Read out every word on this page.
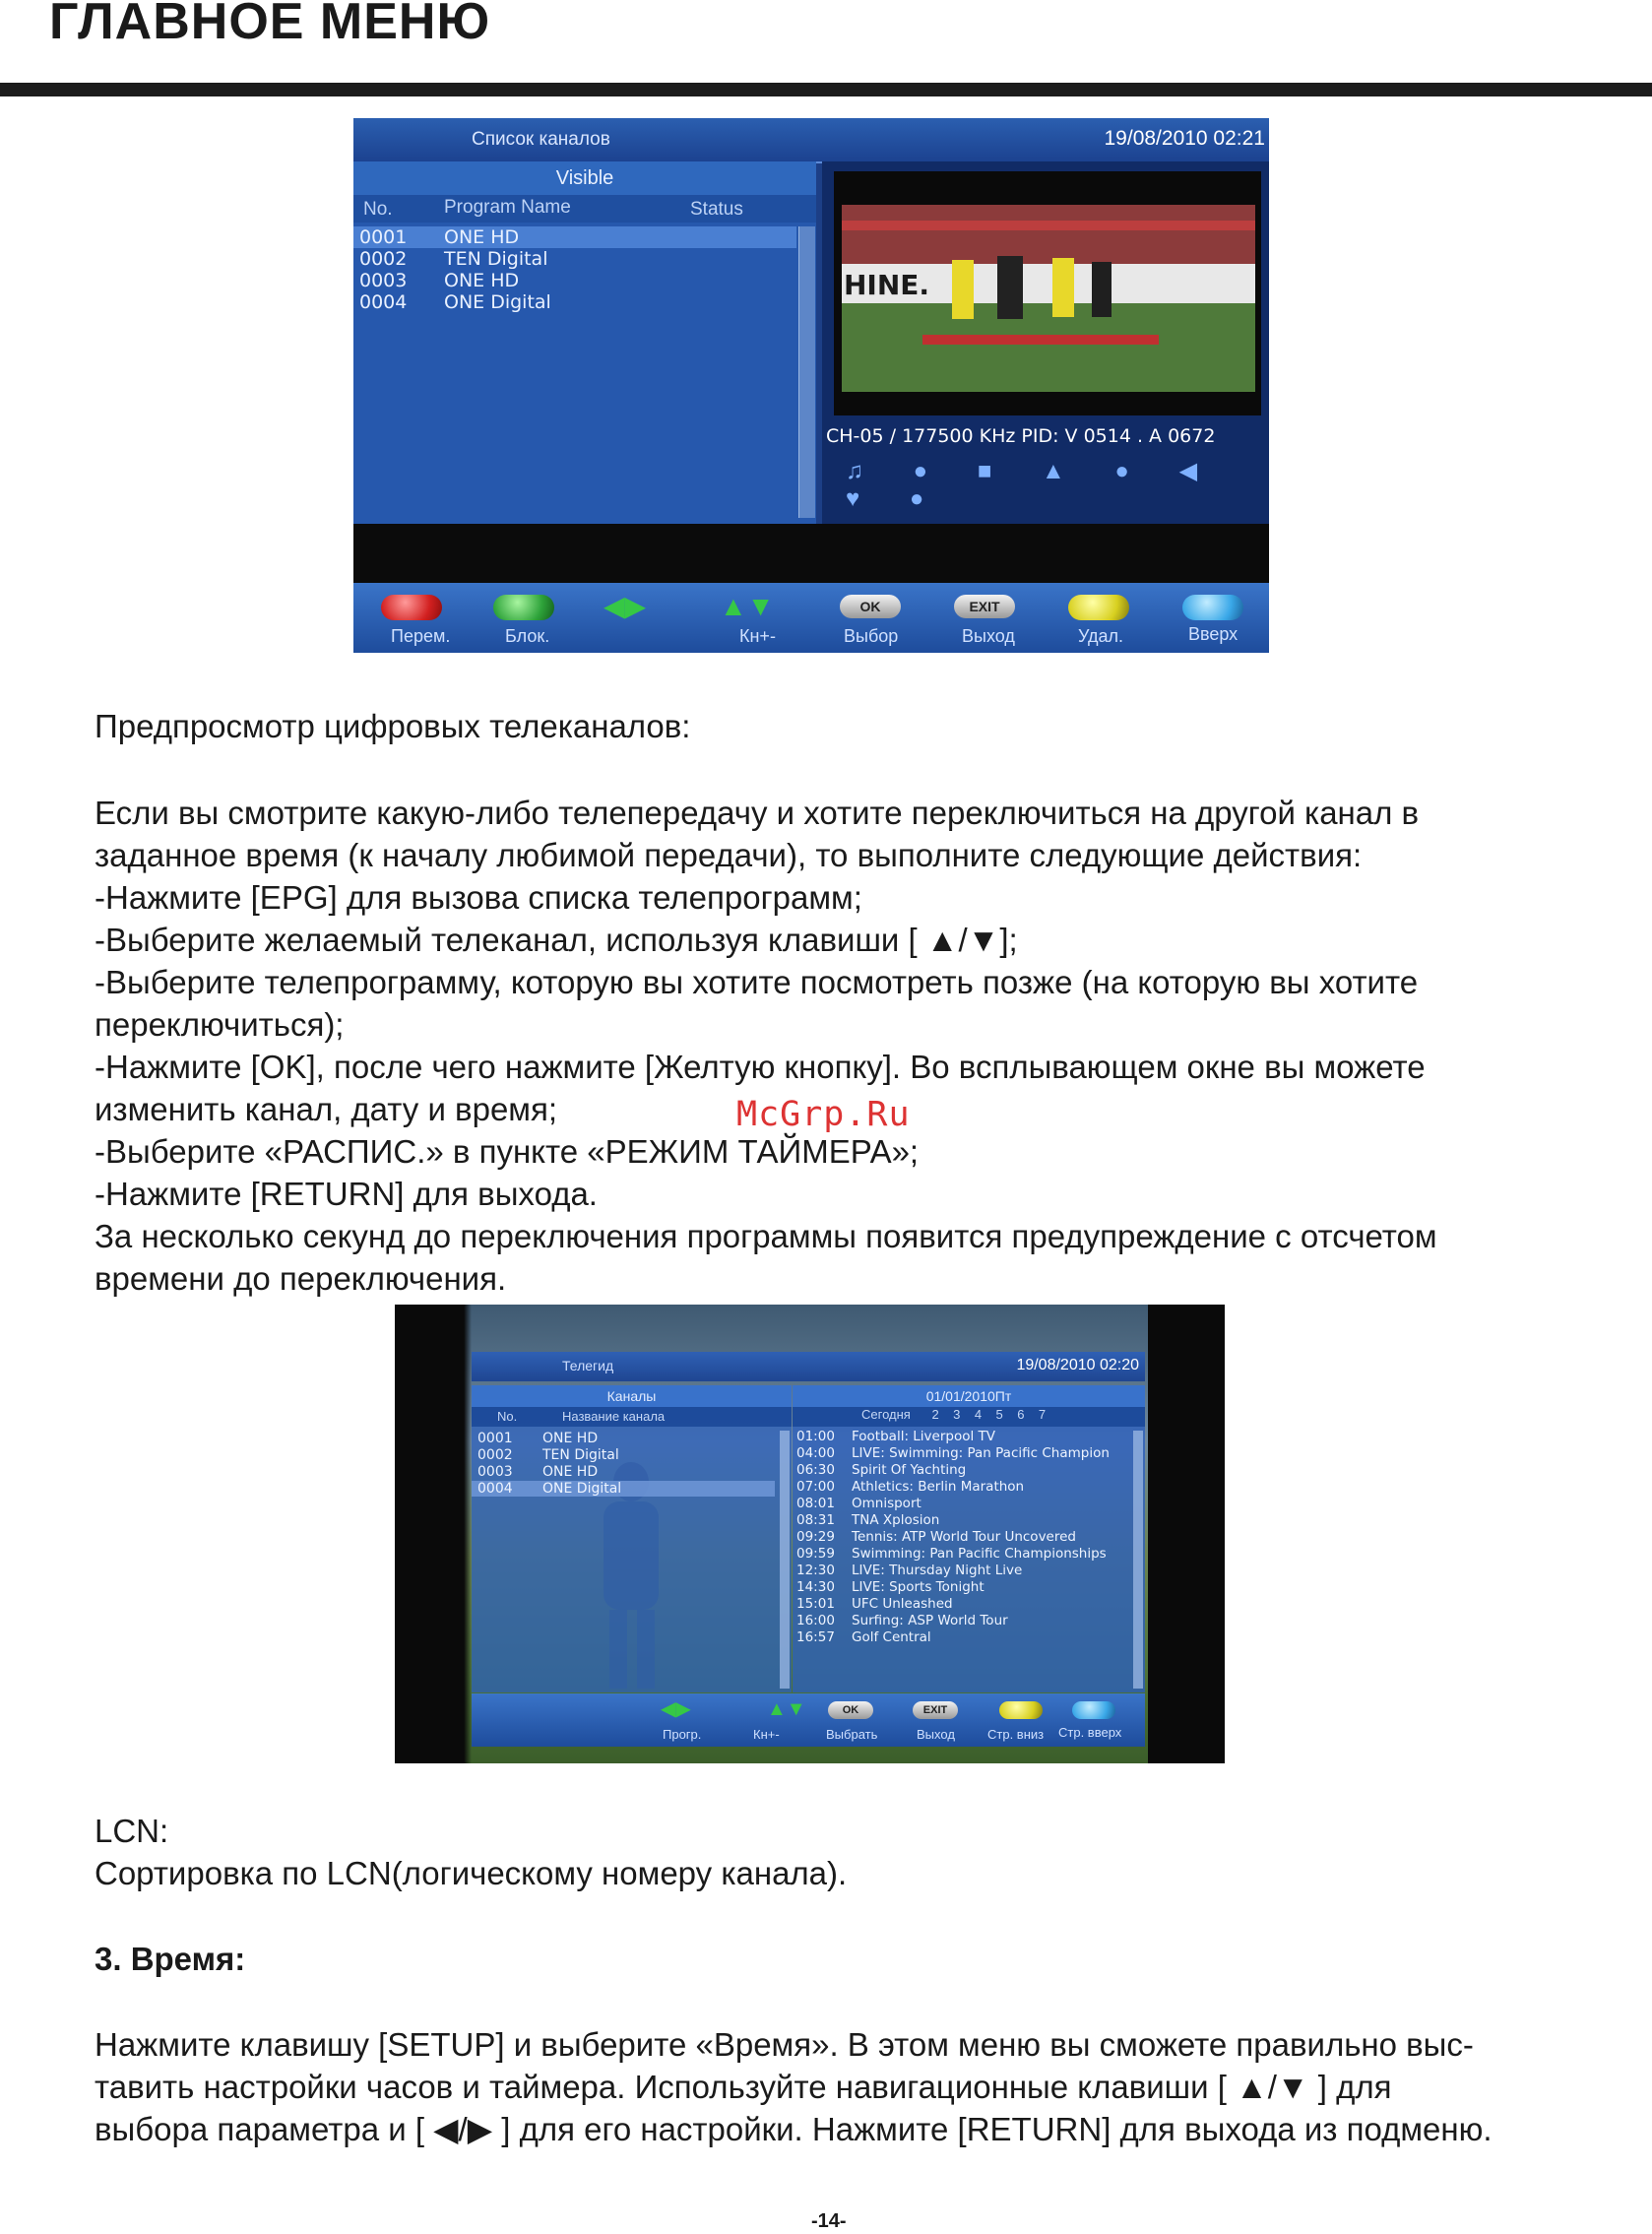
ГЛАВНОЕ МЕНЮ
Список каналов	19/08/2010 02:21
Visible
No.	Program Name	Status
0001 ONE HD
0002 TEN Digital
0003 ONE HD
0004 ONE Digital
HINE.
CH-05 / 177500 KHz PID: V 0514 . A 0672
♫ ● ■ ▲ ● ◀ ♥ ●
Перем.	Блок.
◀▶	▲▼
Кн+-
OK
Выбор
EXIT
Выход	Удал.	Вверх
Предпросмотр цифровых телеканалов:
Если вы смотрите какую-либо телепередачу и хотите переключиться на другой канал в
заданное время (к началу любимой передачи), то выполните следующие действия:
-Нажмите [EPG] для вызова списка телепрограмм;
-Выберите желаемый телеканал, используя клавиши [ ▲/▼];
-Выберите телепрограмму, которую вы хотите посмотреть позже (на которую вы хотите
переключиться);
-Нажмите [OK], после чего нажмите [Желтую кнопку]. Во всплывающем окне вы можете
изменить канал, дату и время;
-Выберите «РАСПИС.» в пункте «РЕЖИМ ТАЙМЕРА»;
-Нажмите [RETURN] для выхода.
За несколько секунд до переключения программы появится предупреждение с отсчетом
времени до переключения.
McGrp.Ru
Телегид	19/08/2010 02:20
Каналы
No.	Название канала
0001 ONE HD
0002 TEN Digital
0003 ONE HD
0004 ONE Digital
01/01/2010Пт
Сегодня      2    3    4    5    6    7
01:00 Football: Liverpool TV
04:00 LIVE: Swimming: Pan Pacific Champion
06:30 Spirit Of Yachting
07:00 Athletics: Berlin Marathon
08:01 Omnisport
08:31 TNA Xplosion
09:29 Tennis: ATP World Tour Uncovered
09:59 Swimming: Pan Pacific Championships
12:30 LIVE: Thursday Night Live
14:30 LIVE: Sports Tonight
15:01 UFC Unleashed
16:00 Surfing: ASP World Tour
16:57 Golf Central
◀▶
Прогр.
▲▼
Кн+-
OK
Выбрать
EXIT
Выход	Стр. вниз Стр. вверх
LCN:
Сортировка по LCN(логическому номеру канала).
3. Время:
Нажмите клавишу [SETUP] и выберите «Время». В этом меню вы сможете правильно выс-
тавить настройки часов и таймера. Используйте навигационные клавиши [ ▲/▼ ] для
выбора параметра и [ ◀/▶ ] для его настройки. Нажмите [RETURN] для выхода из подменю.
-14-
